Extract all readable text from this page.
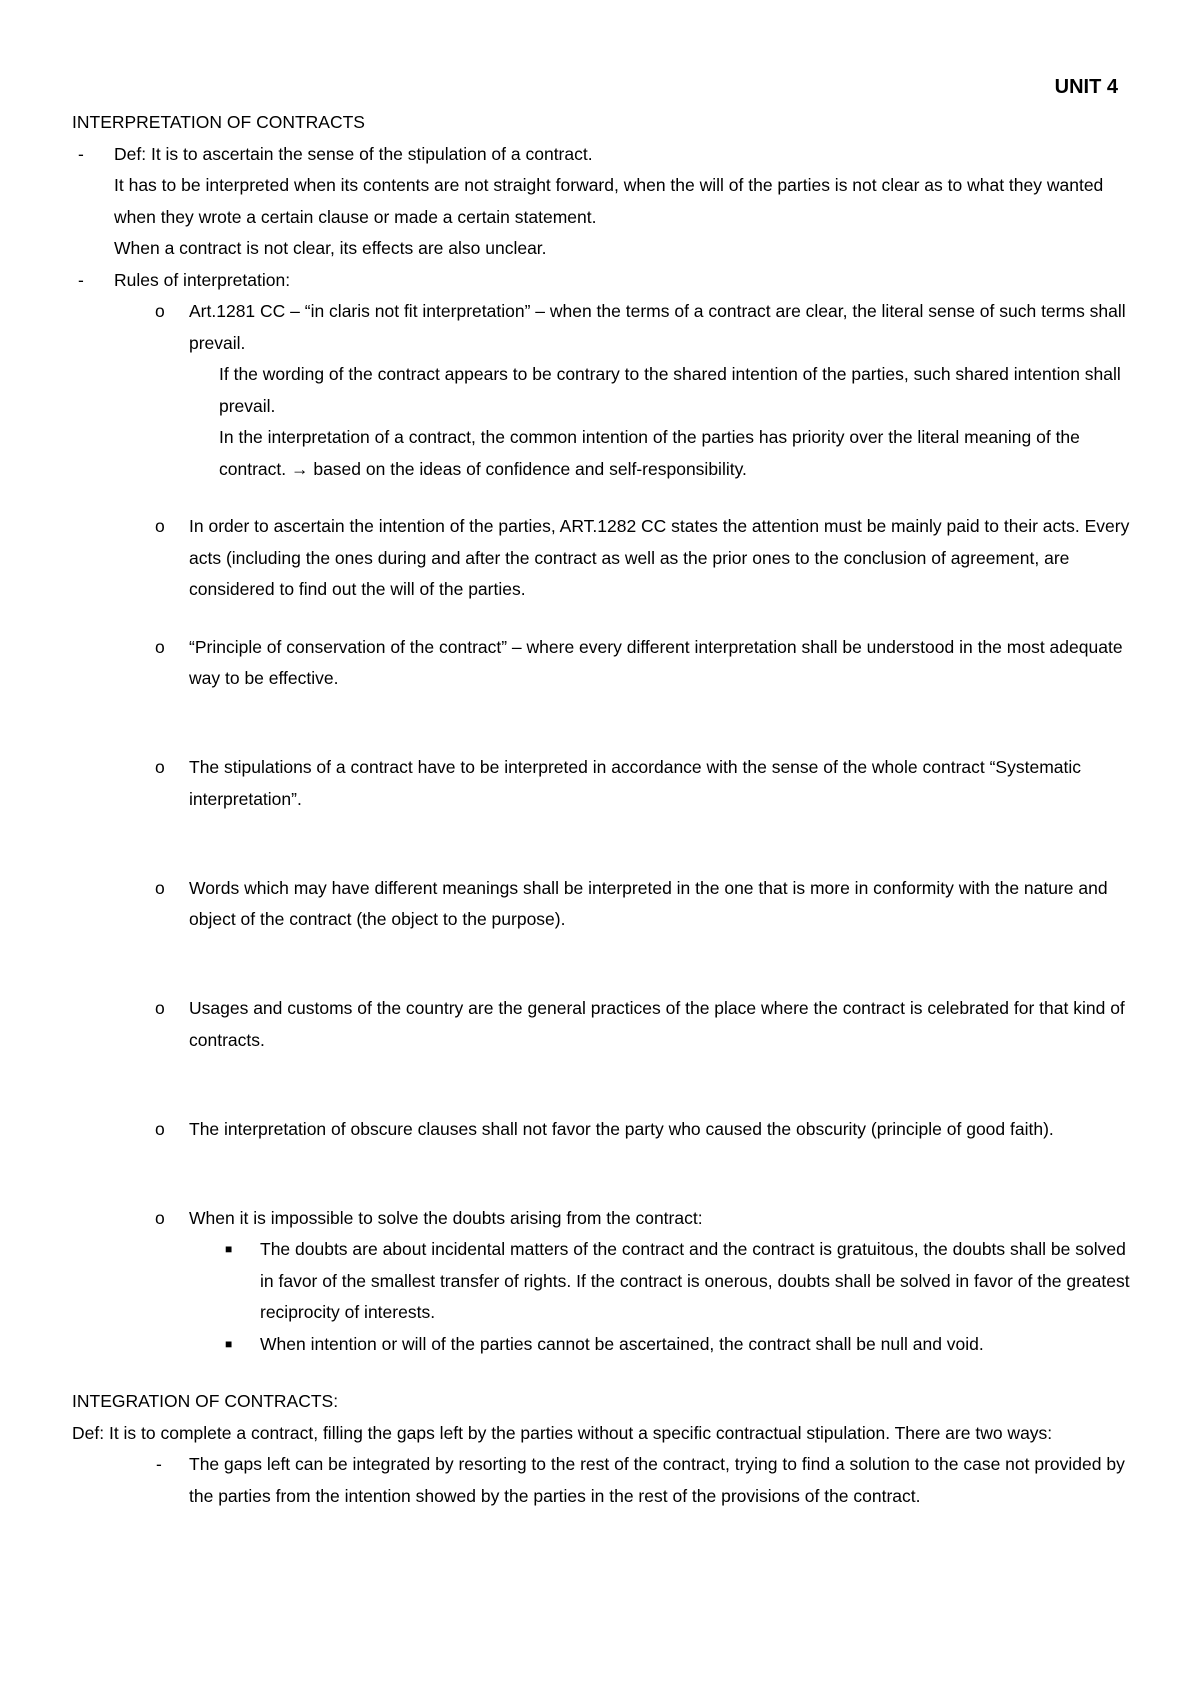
UNIT 4
INTERPRETATION OF CONTRACTS
- Def: It is to ascertain the sense of the stipulation of a contract.
It has to be interpreted when its contents are not straight forward, when the will of the parties is not clear as to what they wanted when they wrote a certain clause or made a certain statement.
When a contract is not clear, its effects are also unclear.
- Rules of interpretation:
o Art.1281 CC – “in claris not fit interpretation” – when the terms of a contract are clear, the literal sense of such terms shall prevail.
If the wording of the contract appears to be contrary to the shared intention of the parties, such shared intention shall prevail.
In the interpretation of a contract, the common intention of the parties has priority over the literal meaning of the contract. → based on the ideas of confidence and self-responsibility.
o In order to ascertain the intention of the parties, ART.1282 CC states the attention must be mainly paid to their acts. Every acts (including the ones during and after the contract as well as the prior ones to the conclusion of agreement, are considered to find out the will of the parties.
o “Principle of conservation of the contract” – where every different interpretation shall be understood in the most adequate way to be effective.
o The stipulations of a contract have to be interpreted in accordance with the sense of the whole contract “Systematic interpretation”.
o Words which may have different meanings shall be interpreted in the one that is more in conformity with the nature and object of the contract (the object to the purpose).
o Usages and customs of the country are the general practices of the place where the contract is celebrated for that kind of contracts.
o The interpretation of obscure clauses shall not favor the party who caused the obscurity (principle of good faith).
o When it is impossible to solve the doubts arising from the contract:
■ The doubts are about incidental matters of the contract and the contract is gratuitous, the doubts shall be solved in favor of the smallest transfer of rights. If the contract is onerous, doubts shall be solved in favor of the greatest reciprocity of interests.
■ When intention or will of the parties cannot be ascertained, the contract shall be null and void.
INTEGRATION OF CONTRACTS:
Def: It is to complete a contract, filling the gaps left by the parties without a specific contractual stipulation. There are two ways:
- The gaps left can be integrated by resorting to the rest of the contract, trying to find a solution to the case not provided by the parties from the intention showed by the parties in the rest of the provisions of the contract.
